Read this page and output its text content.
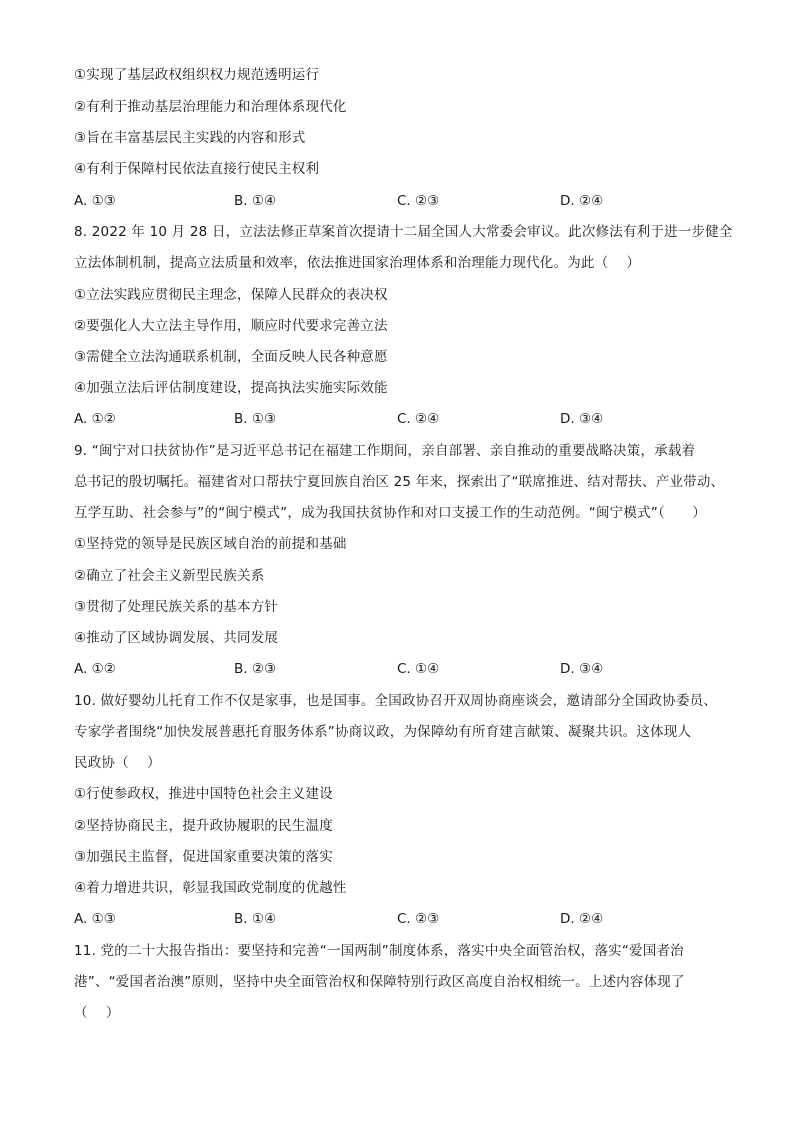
①实现了基层政权组织权力规范透明运行
②有利于推动基层治理能力和治理体系现代化
③旨在丰富基层民主实践的内容和形式
④有利于保障村民依法直接行使民主权利
A. ①③	B. ①④	C. ②③	D. ②④
8. 2022 年 10 月 28 日，立法法修正草案首次提请十二届全国人大常委会审议。此次修法有利于进一步健全
立法体制机制，提高立法质量和效率，依法推进国家治理体系和治理能力现代化。为此（　 ）
①立法实践应贯彻民主理念，保障人民群众的表决权
②要强化人大立法主导作用，顺应时代要求完善立法
③需健全立法沟通联系机制，全面反映人民各种意愿
④加强立法后评估制度建设，提高执法实施实际效能
A. ①②	B. ①③	C. ②④	D. ③④
9. “闽宁对口扶贫协作”是习近平总书记在福建工作期间，亲自部署、亲自推动的重要战略决策，承载着
总书记的殷切嘱托。福建省对口帮扶宁夏回族自治区 25 年来，探索出了“联席推进、结对帮扶、产业带动、
互学互助、社会参与”的“闽宁模式”，成为我国扶贫协作和对口支援工作的生动范例。“闽宁模式”（　　）
①坚持党的领导是民族区域自治的前提和基础
②确立了社会主义新型民族关系
③贯彻了处理民族关系的基本方针
④推动了区域协调发展、共同发展
A. ①②	B. ②③	C. ①④	D. ③④
10. 做好婴幼儿托育工作不仅是家事，也是国事。全国政协召开双周协商座谈会，邀请部分全国政协委员、
专家学者围绕“加快发展普惠托育服务体系”协商议政，为保障幼有所育建言献策、凝聚共识。这体现人
民政协（　 ）
①行使参政权，推进中国特色社会主义建设
②坚持协商民主，提升政协履职的民生温度
③加强民主监督，促进国家重要决策的落实
④着力增进共识，彰显我国政党制度的优越性
A. ①③	B. ①④	C. ②③	D. ②④
11. 党的二十大报告指出：要坚持和完善“一国两制”制度体系，落实中央全面管治权，落实“爱国者治
港”、“爱国者治澳”原则，坚持中央全面管治权和保障特别行政区高度自治权相统一。上述内容体现了
（　 ）
